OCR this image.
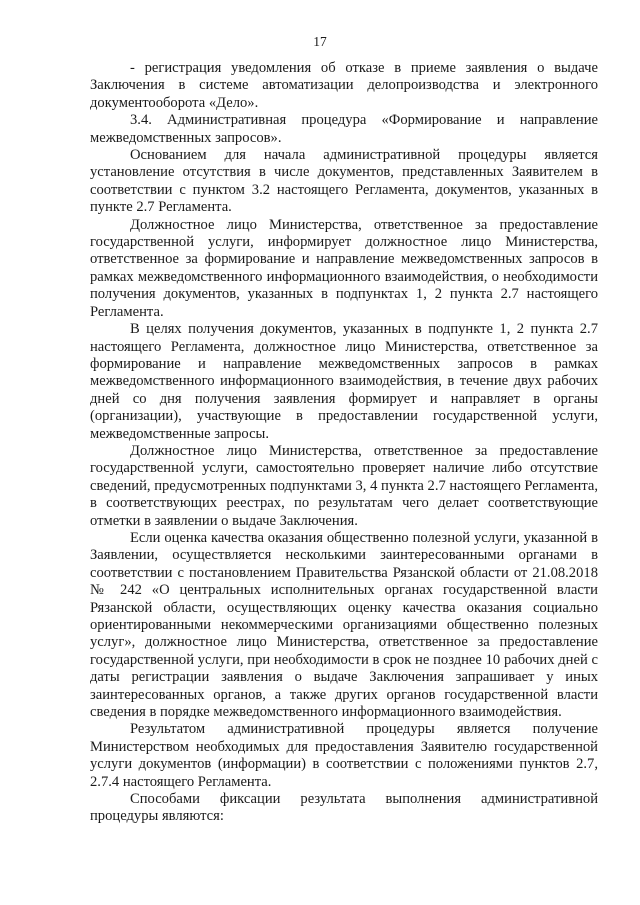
17

- регистрация уведомления об отказе в приеме заявления о выдаче Заключения в системе автоматизации делопроизводства и электронного документооборота «Дело».

3.4. Административная процедура «Формирование и направление межведомственных запросов».

Основанием для начала административной процедуры является установление отсутствия в числе документов, представленных Заявителем в соответствии с пунктом 3.2 настоящего Регламента, документов, указанных в пункте 2.7 Регламента.

Должностное лицо Министерства, ответственное за предоставление государственной услуги, информирует должностное лицо Министерства, ответственное за формирование и направление межведомственных запросов в рамках межведомственного информационного взаимодействия, о необходимости получения документов, указанных в подпунктах 1, 2 пункта 2.7 настоящего Регламента.

В целях получения документов, указанных в подпункте 1, 2 пункта 2.7 настоящего Регламента, должностное лицо Министерства, ответственное за формирование и направление межведомственных запросов в рамках межведомственного информационного взаимодействия, в течение двух рабочих дней со дня получения заявления формирует и направляет в органы (организации), участвующие в предоставлении государственной услуги, межведомственные запросы.

Должностное лицо Министерства, ответственное за предоставление государственной услуги, самостоятельно проверяет наличие либо отсутствие сведений, предусмотренных подпунктами 3, 4 пункта 2.7 настоящего Регламента, в соответствующих реестрах, по результатам чего делает соответствующие отметки в заявлении о выдаче Заключения.

Если оценка качества оказания общественно полезной услуги, указанной в Заявлении, осуществляется несколькими заинтересованными органами в соответствии с постановлением Правительства Рязанской области от 21.08.2018 № 242 «О центральных исполнительных органах государственной власти Рязанской области, осуществляющих оценку качества оказания социально ориентированными некоммерческими организациями общественно полезных услуг», должностное лицо Министерства, ответственное за предоставление государственной услуги, при необходимости в срок не позднее 10 рабочих дней с даты регистрации заявления о выдаче Заключения запрашивает у иных заинтересованных органов, а также других органов государственной власти сведения в порядке межведомственного информационного взаимодействия.

Результатом административной процедуры является получение Министерством необходимых для предоставления Заявителю государственной услуги документов (информации) в соответствии с положениями пунктов 2.7, 2.7.4 настоящего Регламента.

Способами фиксации результата выполнения административной процедуры являются:
